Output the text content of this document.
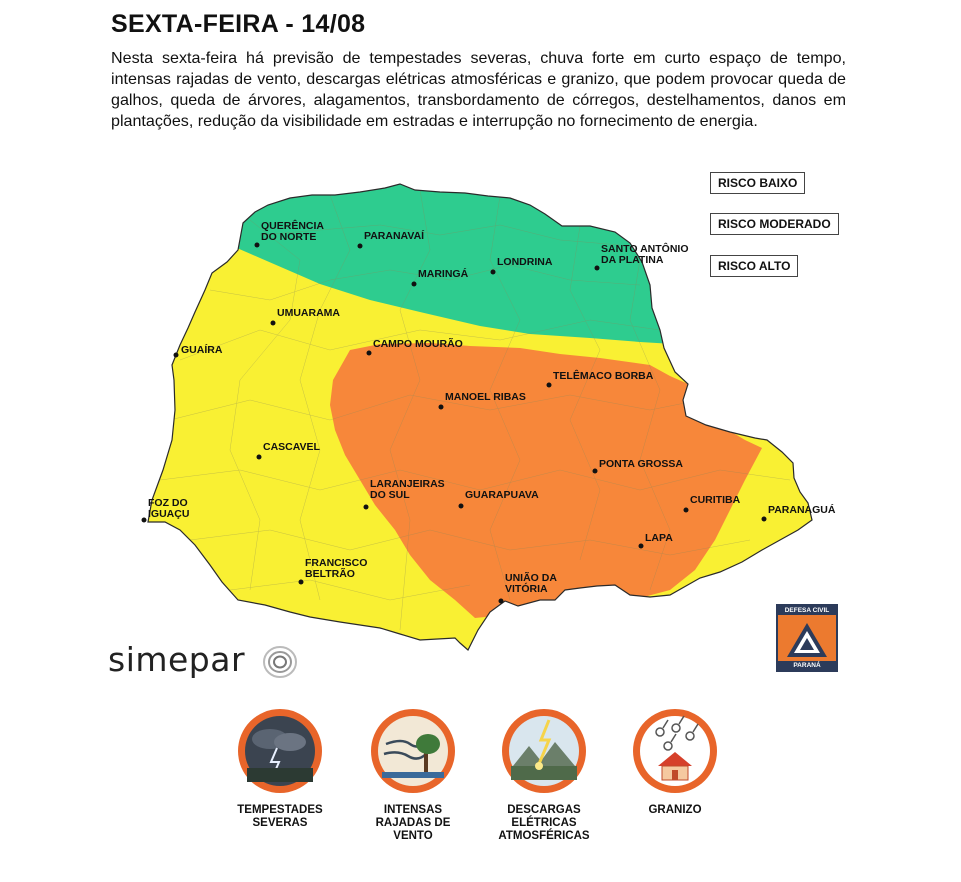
SEXTA-FEIRA - 14/08

Nesta sexta-feira há previsão de tempestades severas, chuva forte em curto espaço de tempo, intensas rajadas de vento, descargas elétricas atmosféricas e granizo, que podem provocar queda de galhos, queda de árvores, alagamentos, transbordamento de córregos, destelhamentos, danos em plantações, redução da visibilidade em estradas e interrupção no fornecimento de energia.

QUERÊNCIA
DO NORTE	PARANAVAÍ
MARINGÁ
LONDRINA
SANTO ANTÔNIO
DA PLATINA
UMUARAMA
GUAÍRA	CAMPO MOURÃO
TELÊMACO BORBA
MANOEL RIBAS
CASCAVEL
PONTA GROSSA
LARANJEIRAS
DO SUL	GUARAPUAVA	CURITIBA
FOZ DO
IGUAÇU	PARANAGUÁ
LAPA
FRANCISCO
BELTRÃO	UNIÃO DA
VITÓRIA
RISCO BAIXO
RISCO MODERADO
RISCO ALTO
simepar
DEFESA CIVIL
PARANÁ
TEMPESTADES
SEVERAS
INTENSAS
RAJADAS DE
VENTO
DESCARGAS
ELÉTRICAS
ATMOSFÉRICAS
GRANIZO
